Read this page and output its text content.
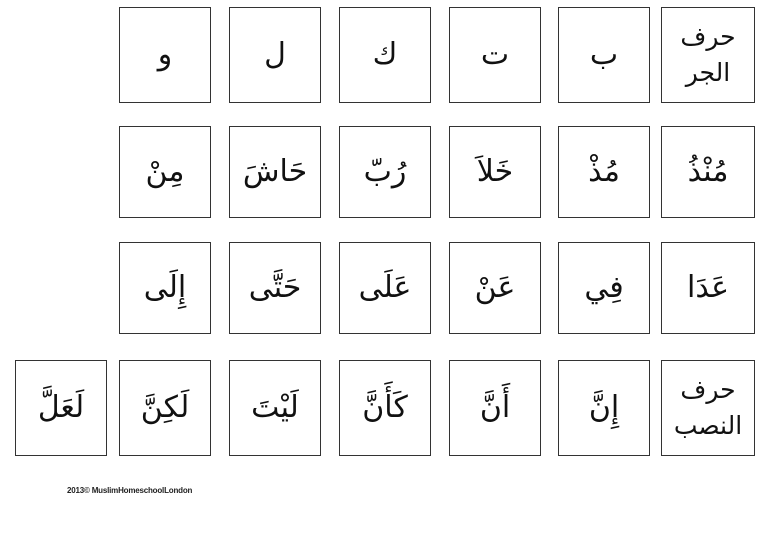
حرف
الجر
ب
ت
ك
ل
و
مُنْذُ
مُذْ
خَلاَ
رُبّ
حَاشَ
مِنْ
عَدَا
فِي
عَنْ
عَلَى
حَتَّى
إِلَى
حرف
النصب
إِنَّ
أَنَّ
كَأَنَّ
لَيْتَ
لَكِنَّ
لَعَلَّ
2013© MuslimHomeschoolLondon
